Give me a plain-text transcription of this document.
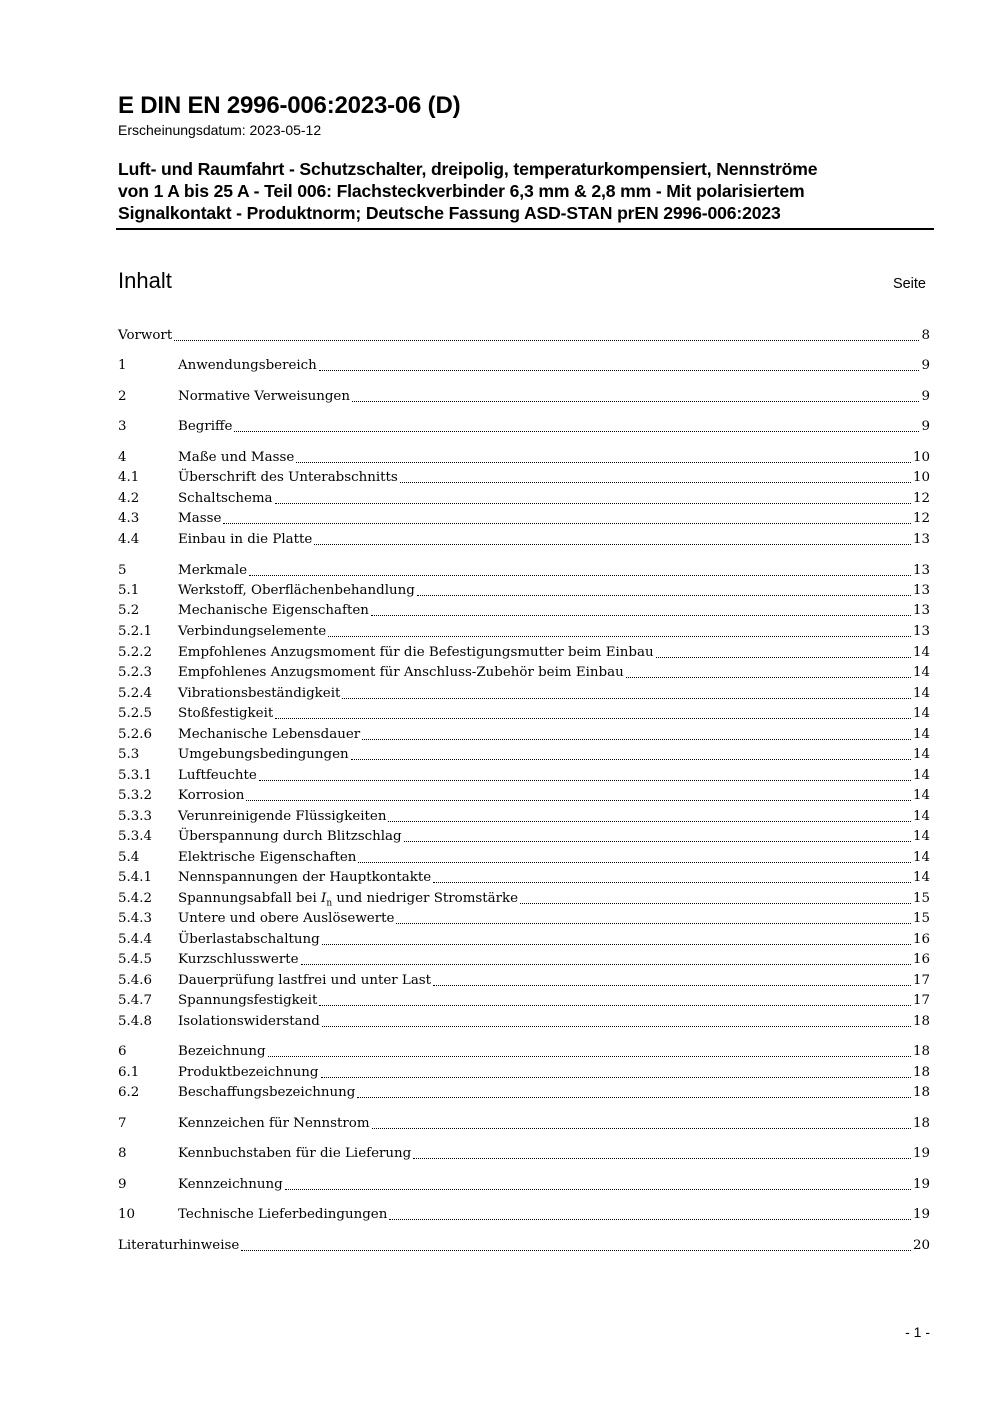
E DIN EN 2996-006:2023-06 (D)
Erscheinungsdatum: 2023-05-12
Luft- und Raumfahrt - Schutzschalter, dreipolig, temperaturkompensiert, Nennströme
von 1 A bis 25 A - Teil 006: Flachsteckverbinder 6,3 mm & 2,8 mm - Mit polarisiertem
Signalkontakt - Produktnorm; Deutsche Fassung ASD-STAN prEN 2996-006:2023
Inhalt	Seite
Vorwort	8
1	Anwendungsbereich	9
2	Normative Verweisungen	9
3	Begriffe	9
4	Maße und Masse	10
4.1	Überschrift des Unterabschnitts	10
4.2	Schaltschema	12
4.3	Masse	12
4.4	Einbau in die Platte	13
5	Merkmale	13
5.1	Werkstoff, Oberflächenbehandlung	13
5.2	Mechanische Eigenschaften	13
5.2.1	Verbindungselemente	13
5.2.2	Empfohlenes Anzugsmoment für die Befestigungsmutter beim Einbau	14
5.2.3	Empfohlenes Anzugsmoment für Anschluss-Zubehör beim Einbau	14
5.2.4	Vibrationsbeständigkeit	14
5.2.5	Stoßfestigkeit	14
5.2.6	Mechanische Lebensdauer	14
5.3	Umgebungsbedingungen	14
5.3.1	Luftfeuchte	14
5.3.2	Korrosion	14
5.3.3	Verunreinigende Flüssigkeiten	14
5.3.4	Überspannung durch Blitzschlag	14
5.4	Elektrische Eigenschaften	14
5.4.1	Nennspannungen der Hauptkontakte	14
5.4.2	Spannungsabfall bei $I_n$ und niedriger Stromstärke	15
5.4.3	Untere und obere Auslösewerte	15
5.4.4	Überlastabschaltung	16
5.4.5	Kurzschlusswerte	16
5.4.6	Dauerprüfung lastfrei und unter Last	17
5.4.7	Spannungsfestigkeit	17
5.4.8	Isolationswiderstand	18
6	Bezeichnung	18
6.1	Produktbezeichnung	18
6.2	Beschaffungsbezeichnung	18
7	Kennzeichen für Nennstrom	18
8	Kennbuchstaben für die Lieferung	19
9	Kennzeichnung	19
10	Technische Lieferbedingungen	19
Literaturhinweise	20
- 1 -
